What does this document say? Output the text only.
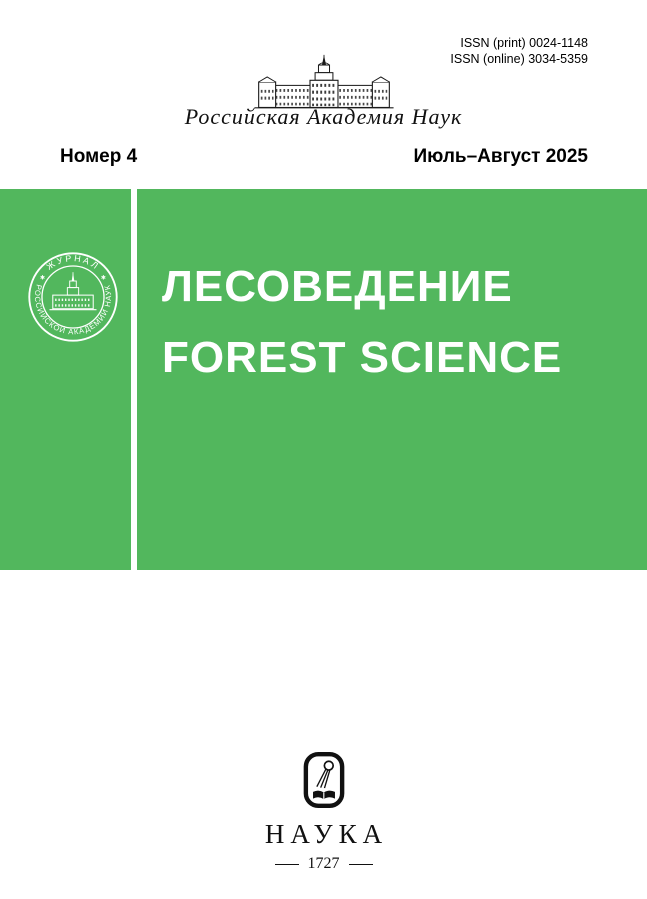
ISSN (print) 0024-1148
ISSN (online) 3034-5359
Российская Академия Наук
Номер 4	Июль–Август 2025
ЖУРНАЛ
РОССИЙСКОЙ АКАДЕМИИ НАУК
✱	✱ ЛЕСОВЕДЕНИЕ
FOREST SCIENCE
НАУКА
1727
